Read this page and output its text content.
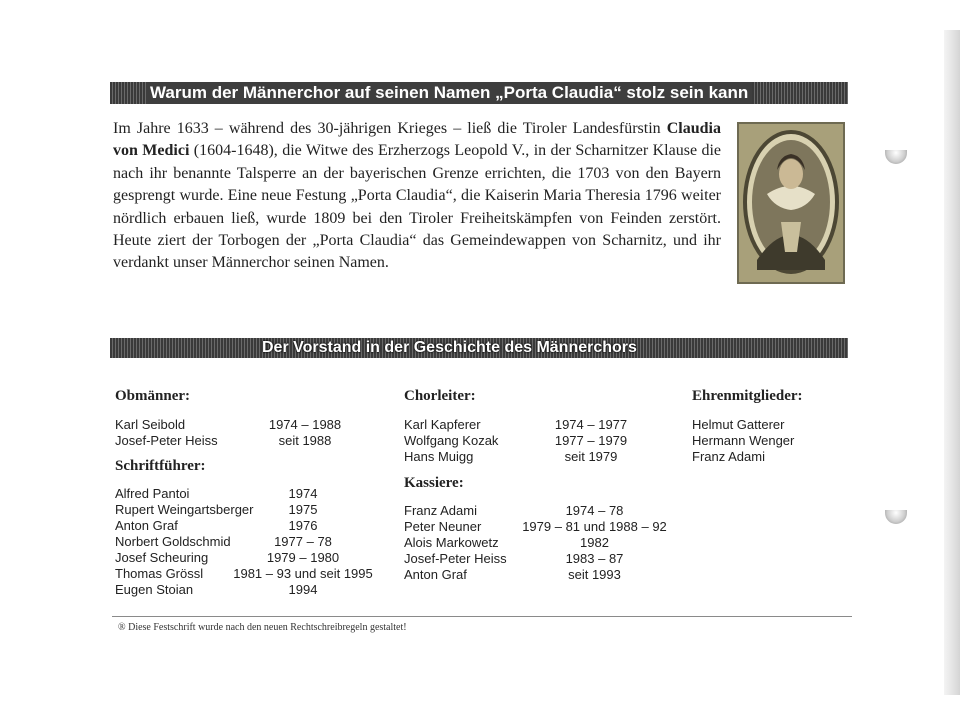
Warum der Männerchor auf seinen Namen „Porta Claudia“ stolz sein kann

Im Jahre 1633 – während des 30-jährigen Krieges – ließ die Tiroler Landesfürstin Claudia von Medici (1604-1648), die Witwe des Erzherzogs Leopold V., in der Scharnitzer Klause die nach ihr benannte Talsperre an der bayerischen Grenze errichten, die 1703 von den Bayern gesprengt wurde. Eine neue Festung „Porta Claudia“, die Kaiserin Maria Theresia 1796 weiter nördlich erbauen ließ, wurde 1809 bei den Tiroler Freiheitskämpfen von Feinden zerstört. Heute ziert der Torbogen der „Porta Claudia“ das Gemeindewappen von Scharnitz, und ihr verdankt unser Männerchor seinen Namen.

Der Vorstand in der Geschichte des Männerchors
Obmänner:
Karl Seibold	1974 – 1988
Josef-Peter Heiss	seit 1988
Schriftführer:
Alfred Pantoi	1974
Rupert Weingartsberger	1975
Anton Graf	1976
Norbert Goldschmid	1977 – 78
Josef Scheuring	1979 – 1980
Thomas Grössl	1981 – 93 und seit 1995
Eugen Stoian	1994
Chorleiter:
Karl Kapferer	1974 – 1977
Wolfgang Kozak	1977 – 1979
Hans Muigg	seit 1979
Kassiere:
Franz Adami	1974 – 78
Peter Neuner	1979 – 81 und 1988 – 92
Alois Markowetz	1982
Josef-Peter Heiss	1983 – 87
Anton Graf	seit 1993
Ehrenmitglieder:
Helmut Gatterer
Hermann Wenger
Franz Adami
® Diese Festschrift wurde nach den neuen Rechtschreibregeln gestaltet!
